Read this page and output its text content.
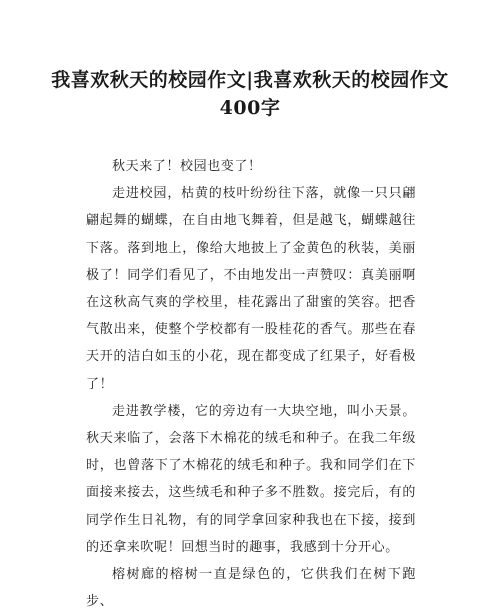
我喜欢秋天的校园作文|我喜欢秋天的校园作文400字

秋天来了！校园也变了！

走进校园，枯黄的枝叶纷纷往下落，就像一只只翩翩起舞的蝴蝶，在自由地飞舞着，但是越飞，蝴蝶越往下落。落到地上，像给大地披上了金黄色的秋装，美丽极了！同学们看见了，不由地发出一声赞叹：真美丽啊在这秋高气爽的学校里，桂花露出了甜蜜的笑容。把香气散出来，使整个学校都有一股桂花的香气。那些在春天开的洁白如玉的小花，现在都变成了红果子，好看极了！

走进教学楼，它的旁边有一大块空地，叫小天景。秋天来临了，会落下木棉花的绒毛和种子。在我二年级时，也曾落下了木棉花的绒毛和种子。我和同学们在下面接来接去，这些绒毛和种子多不胜数。接完后，有的同学作生日礼物，有的同学拿回家种我也在下接，接到的还拿来吹呢！回想当时的趣事，我感到十分开心。

榕树廊的榕树一直是绿色的，它供我们在树下跑步、
